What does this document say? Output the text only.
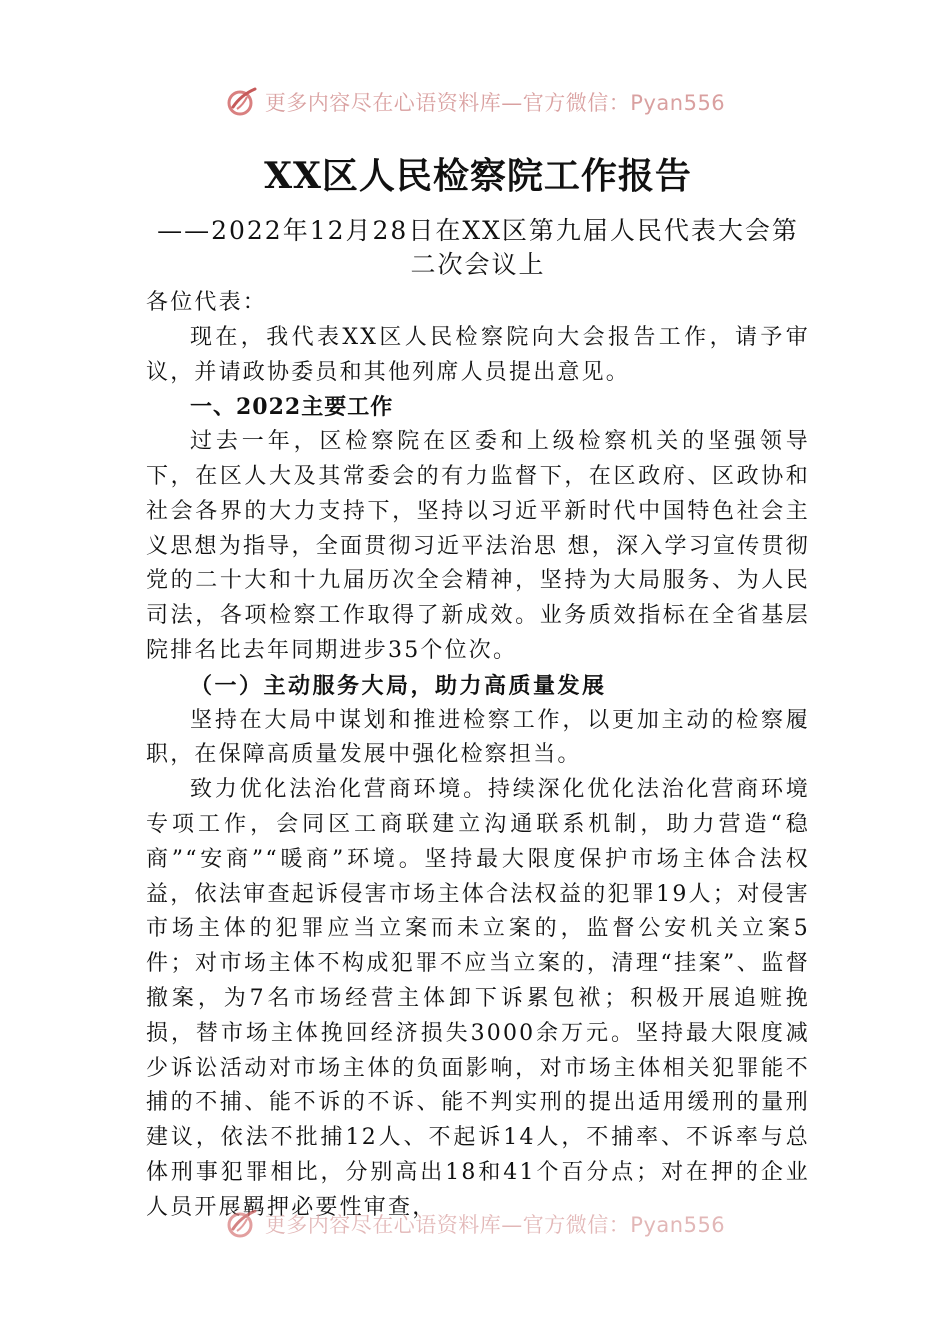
更多内容尽在心语资料库—官方微信：Pyan556
XX区人民检察院工作报告
——2022年12月28日在XX区第九届人民代表大会第二次会议上

各位代表：

现在，我代表XX区人民检察院向大会报告工作，请予审议，并请政协委员和其他列席人员提出意见。

一、2022主要工作

过去一年，区检察院在区委和上级检察机关的坚强领导下，在区人大及其常委会的有力监督下，在区政府、区政协和社会各界的大力支持下，坚持以习近平新时代中国特色社会主义思想为指导，全面贯彻习近平法治思 想，深入学习宣传贯彻党的二十大和十九届历次全会精神，坚持为大局服务、为人民司法，各项检察工作取得了新成效。业务质效指标在全省基层院排名比去年同期进步35个位次。

（一）主动服务大局，助力高质量发展

坚持在大局中谋划和推进检察工作，以更加主动的检察履职，在保障高质量发展中强化检察担当。

致力优化法治化营商环境。持续深化优化法治化营商环境专项工作，会同区工商联建立沟通联系机制，助力营造“稳商”“安商”“暖商”环境。坚持最大限度保护市场主体合法权益，依法审查起诉侵害市场主体合法权益的犯罪19人；对侵害市场主体的犯罪应当立案而未立案的，监督公安机关立案5件；对市场主体不构成犯罪不应当立案的，清理“挂案”、监督撤案，为7名市场经营主体卸下诉累包袱；积极开展追赃挽损，替市场主体挽回经济损失3000余万元。坚持最大限度减少诉讼活动对市场主体的负面影响，对市场主体相关犯罪能不捕的不捕、能不诉的不诉、能不判实刑的提出适用缓刑的量刑建议，依法不批捕12人、不起诉14人，不捕率、不诉率与总体刑事犯罪相比，分别高出18和41个百分点；对在押的企业人员开展羁押必要性审查，

更多内容尽在心语资料库—官方微信：Pyan556
